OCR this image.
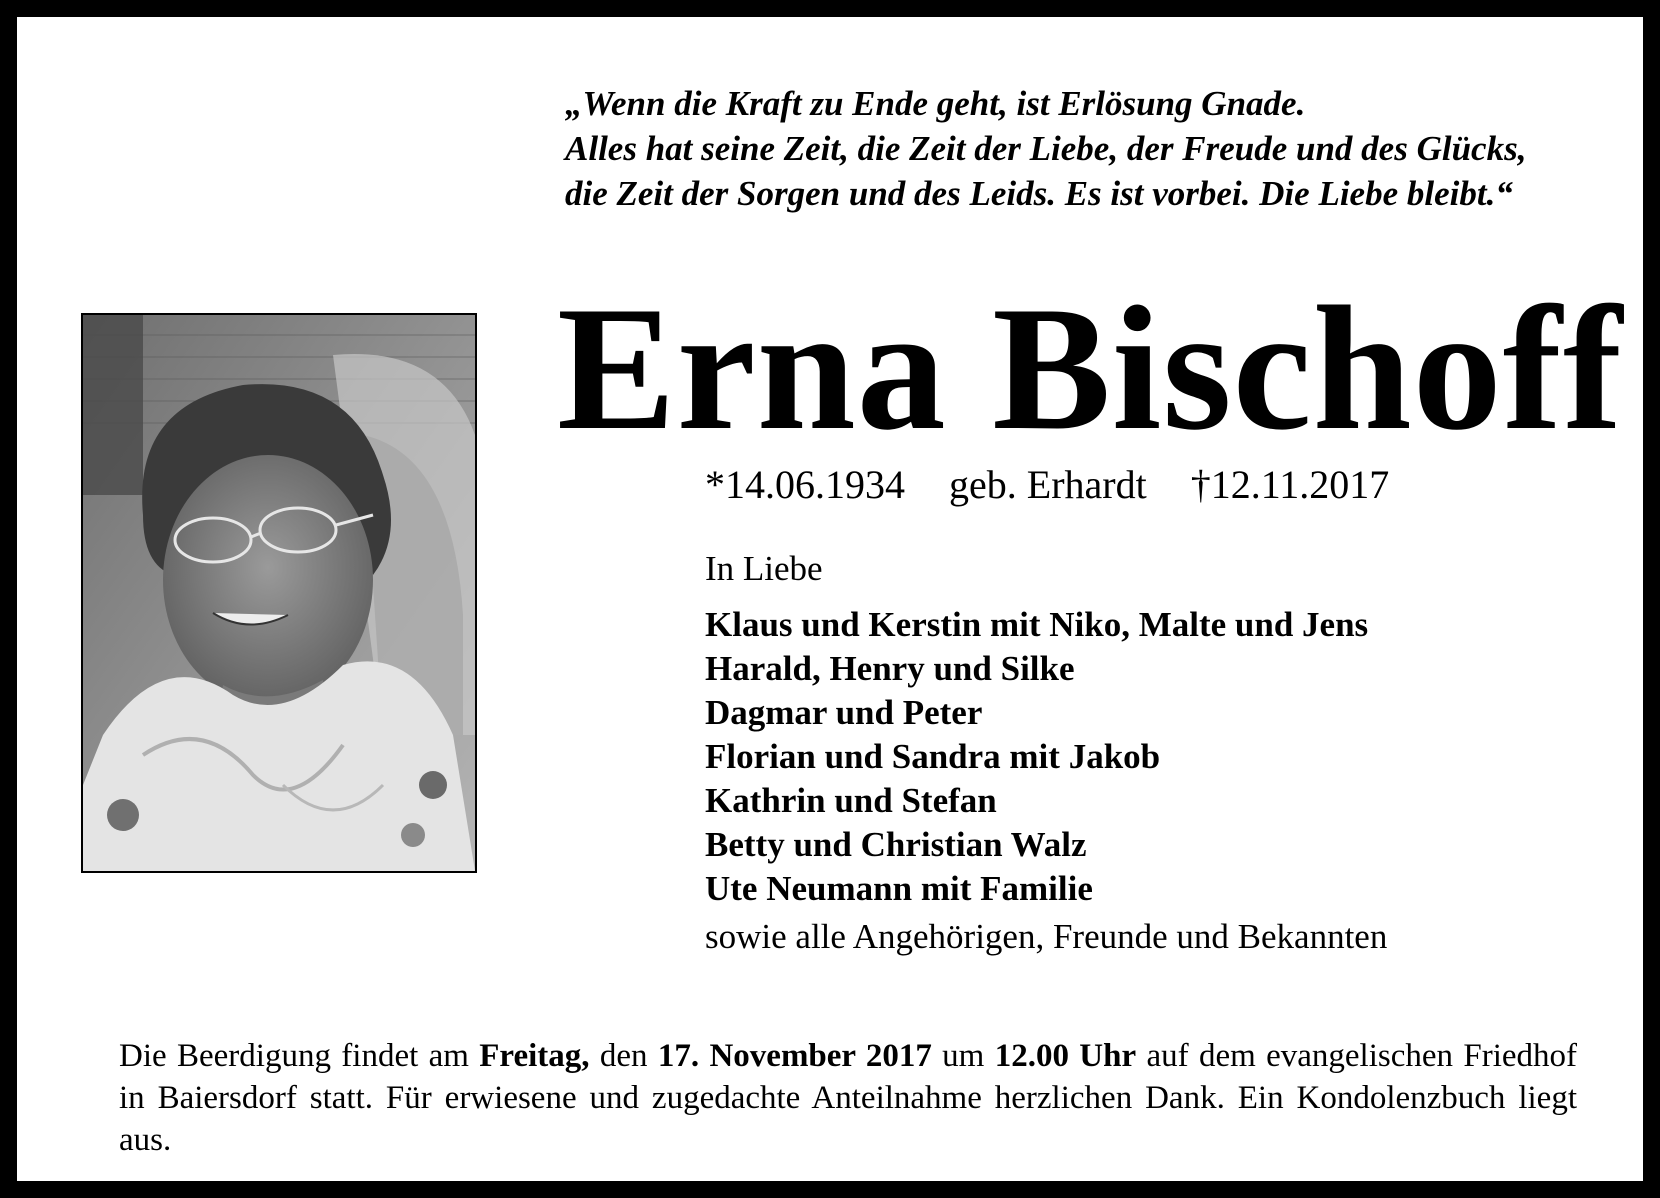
„Wenn die Kraft zu Ende geht, ist Erlösung Gnade.
Alles hat seine Zeit, die Zeit der Liebe, der Freude und des Glücks,
die Zeit der Sorgen und des Leids. Es ist vorbei. Die Liebe bleibt.“
Erna Bischoff
*14.06.1934 geb. Erhardt †12.11.2017
In Liebe
Klaus und Kerstin mit Niko, Malte und Jens
Harald, Henry und Silke
Dagmar und Peter
Florian und Sandra mit Jakob
Kathrin und Stefan
Betty und Christian Walz
Ute Neumann mit Familie
sowie alle Angehörigen, Freunde und Bekannten
Die Beerdigung findet am Freitag, den 17. November 2017 um 12.00 Uhr auf dem evangelischen Friedhof in Baiersdorf statt. Für erwiesene und zugedachte Anteilnahme herzlichen Dank. Ein Kondolenzbuch liegt aus.
